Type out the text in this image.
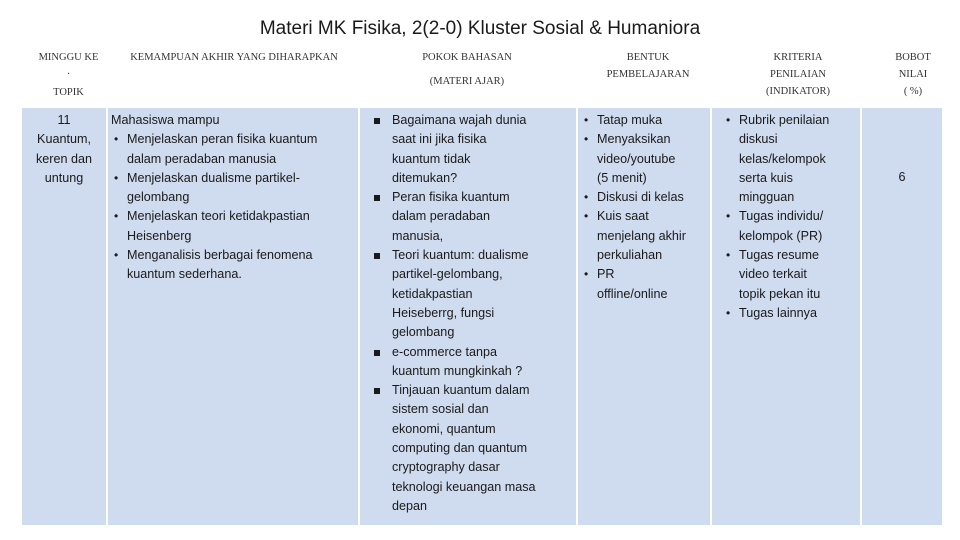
Materi MK Fisika, 2(2-0) Kluster Sosial & Humaniora
MINGGU KE
.
TOPIK
KEMAMPUAN AKHIR YANG DIHARAPKAN	POKOK BAHASAN
(MATERI AJAR)
BENTUK
PEMBELAJARAN
KRITERIA
PENILAIAN
(INDIKATOR)
BOBOT
NILAI
( %)
11
Kuantum,
keren dan
untung
Mahasiswa mampu
• Menjelaskan peran fisika kuantum
dalam peradaban manusia
• Menjelaskan dualisme partikel-
gelombang
• Menjelaskan teori ketidakpastian
Heisenberg
• Menganalisis berbagai fenomena
kuantum sederhana.
Bagaimana wajah dunia
saat ini jika fisika
kuantum tidak
ditemukan?
Peran fisika kuantum
dalam peradaban
manusia,
Teori kuantum: dualisme
partikel-gelombang,
ketidakpastian
Heiseberrg, fungsi
gelombang
e-commerce tanpa
kuantum mungkinkah ?
Tinjauan kuantum dalam
sistem sosial dan
ekonomi, quantum
computing dan quantum
cryptography dasar
teknologi keuangan masa
depan
• Tatap muka
• Menyaksikan
video/youtube
(5 menit)
• Diskusi di kelas
• Kuis saat
menjelang akhir
perkuliahan
• PR
offline/online
• Rubrik penilaian
diskusi
kelas/kelompok
serta kuis
mingguan
• Tugas individu/
kelompok (PR)
• Tugas resume
video terkait
topik pekan itu
• Tugas lainnya
6
